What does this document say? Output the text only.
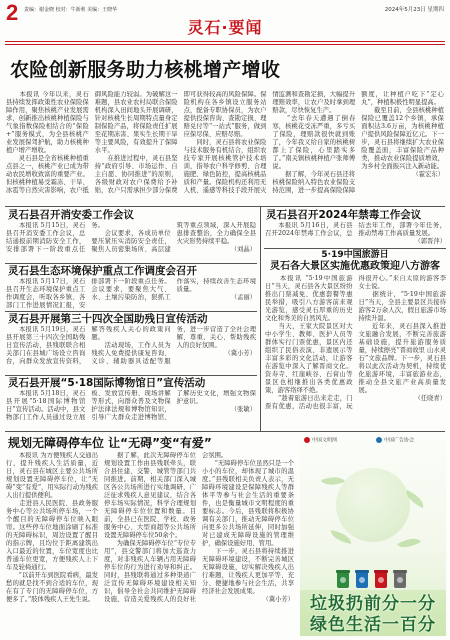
2 责编：谢金晓 校对：牛新莉 美编：王晓华	2024年5月23日 星期四
灵石·要闻
农险创新服务助力核桃增产增收
　　本报讯 今年以来，灵石县持续发挥政策性农业保险保障作用，聚焦核桃产业发展需求，创新推出核桃种植保险与气象指数保险相结合的“保险+”服务模式，为全县核桃产业发展保驾护航，助力核桃种植户增产增收。
　　灵石县是全省核桃种植重点县之一，核桃产业已成为带动农民增收致富的重要产业。但核桃种植易受霜冻、干旱、冰雹等自然灾害影响，农户抵御风险能力较弱。为破解这一难题，县农业农村局联合保险机构深入田间地头开展调研，针对核桃生长周期特点量身定制保险产品，将保险责任扩展至花期冻害、果实生长期干旱等主要风险，有效提升了保障水平。
　　在推进过程中，灵石县坚持“政府引导、市场运作、自主自愿、协同推进”的原则，各级财政对农户保费给予补贴，农户只需承担少部分保费即可获得较高的风险保障。保险机构在各乡镇设立服务站点，配备专职协保员，为农户提供投保咨询、查勘定损、理赔兑付等“一站式”服务，做到应保尽保、应赔尽赔。
　　同时，灵石县将农业保险与技术服务有机结合，组织农技专家开展核桃管护技术培训，指导农户科学修剪、合理施肥、绿色防控，提高核桃品质和产量。保险机构还利用无人机、遥感等科技手段开展灾情监测和查勘定损，大幅提升理赔效率，让农户及时拿到理赔款，尽快恢复生产。
　　“去年春天遭遇了倒春寒，核桃花受冻严重，多亏买了保险，理赔款很快就到账了，今年我又给自家的核桃树都上了保险，心里踏实多了。”南关镇核桃种植户张师傅说。
　　据了解，今年灵石县还将核桃保险纳入特色农业保险支持范围，进一步提高保险保障额度，让种植户吃下“定心丸”，种植积极性明显提高。
　　截至目前，全县核桃种植保险已覆盖12个乡镇，承保面积达3.6万亩，为核桃种植户提供风险保障近亿元。下一步，灵石县将继续扩大农业保险覆盖面，丰富保险产品种类，推动农业保险提质增效，为乡村全面振兴注入新动能。
（霍宏东）
灵石县召开消安委工作会议
　　本报讯 5月15日，灵石县召开消安委工作会议，总结通报前期消防安全工作，安排部署下一阶段重点任务。
　　会议要求，各成员单位要压紧压实消防安全责任，聚焦人员密集场所、高层建筑等重点领域，深入开展隐患排查整治，全力确保全县火灾形势持续平稳。
（刘晶）
灵石县生态环境保护重点工作调度会召开
　　本报讯 5月17日，灵石县召开生态环境保护重点工作调度会，听取各乡镇、各部门工作进展情况汇报，安排部署下一阶段重点任务。会议要求，要聚焦大气、水、土壤污染防治，狠抓工作落实，持续改善生态环境质量。
（孟丽）
灵石县开展第三十四次全国助残日宣传活动
　　本报讯 5月19日，灵石县开展第三十四次全国助残日宣传活动，县残联联合相关部门在县城广场设立咨询台，向群众发放宣传资料，解答残疾人关心的政策问题。
　　活动现场，工作人员为残疾人免费提供康复咨询、义诊、辅助器具适配等服务，进一步营造了全社会理解、尊重、关心、帮助残疾人的良好氛围。
（冀小芳）
灵石县开展“5·18国际博物馆日”宣传活动
　　本报讯 5月18日，灵石县开展“5·18国际博物馆日”宣传活动。活动中，县文物部门工作人员通过设立展板、发放宣传册、现场讲解等形式，向群众普及文物保护法律法规和博物馆知识，引导广大群众走进博物馆、了解历史文化，增强文物保护意识。
（张敏）
灵石县召开2024年禁毒工作会议
　　本报讯 5月16日，灵石县召开2024年禁毒工作会议，总结去年工作，部署今年任务，推动禁毒工作高质量发展。
（郭晋萍）
5·19中国旅游日
灵石各大景区实施优惠政策迎八方游客
　　本报讯 “5·19中国旅游日”当天，灵石县各大景区纷纷推出门票减免、优惠套餐等惠民举措，吸引八方游客前来观光游览，感受灵石厚重的历史文化和秀美的自然风光。
　　当天，王家大院景区对大中小学生、教师、医护人员等群体实行门票优惠，景区内还组织了民俗表演、非遗展示等丰富多彩的文化活动，让游客在游览中深入了解晋商文化。资寿寺、红崖峡谷、石膏山等景区也相继推出各类优惠政策，游客络绎不绝。
　　“趁着旅游日出来走走，门票有优惠，活动也很丰富，玩得很开心。”来自太原的游客李女士说。
　　据统计，“5·19中国旅游日”当天，全县主要景区共接待游客2万余人次，假日旅游市场持续升温。
　　近年来，灵石县深入推进文旅融合发展，不断完善旅游基础设施，提升旅游服务质量，持续擦亮“晋商故里 山水灵石”文旅品牌。下一步，灵石县将以此次活动为契机，持续优化旅游环境，丰富旅游业态，推动全县文旅产业高质量发展。
（任晓青）
规划无障碍停车位 让“无碍”变“有爱”
　　本报讯 为方便残疾人交通出行，提升残疾人生活质量，近日，灵石县在城区主要公共场所规划设置无障碍停车位，让“无碍”变“有爱”，用实际行动为残疾人出行提供便利。
　　走进县人民医院、县政务服务中心等公共场所停车场，一个个醒目的无障碍停车位映入眼帘。这些停车位地面涂刷了标准的无障碍标识，周边设置了醒目的指示牌，且均位于距离建筑出入口最近的位置，车位宽度也比普通车位更宽，方便残疾人上下车及轮椅通行。
　　“以前开车到医院看病，最发愁的就是找不到合适的车位，现在有了专门的无障碍停车位，方便多了。”肢体残疾人王先生说。
　　据了解，此次无障碍停车位规划设置工作由县残联牵头，联合县住建、交警、城管等部门共同推进。前期，相关部门深入城区各公共场所进行实地调研，广泛征求残疾人意见建议，结合各停车场实际情况，科学合理规划无障碍停车位位置和数量。目前，全县已在医院、学校、政务服务中心、大型商超等公共场所设置无障碍停车位50余个。
　　为确保无障碍停车位“专位专用”，县交警部门将加大巡查力度，对非残疾人车辆占用无障碍停车位的行为进行劝导和纠正。同时，县残联将通过多种渠道广泛宣传无障碍环境建设相关知识，倡导全社会共同维护无障碍设施，营造关爱残疾人的良好社会氛围。
　　“无障碍停车位虽然只是一个小小的车位，却体现了城市的温度。”县残联相关负责人表示，无障碍环境建设是保障残疾人等群体平等参与社会生活的重要条件，也是衡量城市文明程度的重要标志。今后，县残联将积极协调有关部门，推动无障碍停车位向更多公共场所延伸，同时加强对已建成无障碍设施的管理维护，确保设施好用、管用。
　　下一步，灵石县将持续推进无障碍环境建设，不断完善城区无障碍设施，切实解决残疾人出行难题，让残疾人更加平等、充分、便捷地参与社会生活，共享经济社会发展成果。
（冀小芳）
中国文明网	中国广告协会
垃圾扔前分一分
绿色生活一百分
